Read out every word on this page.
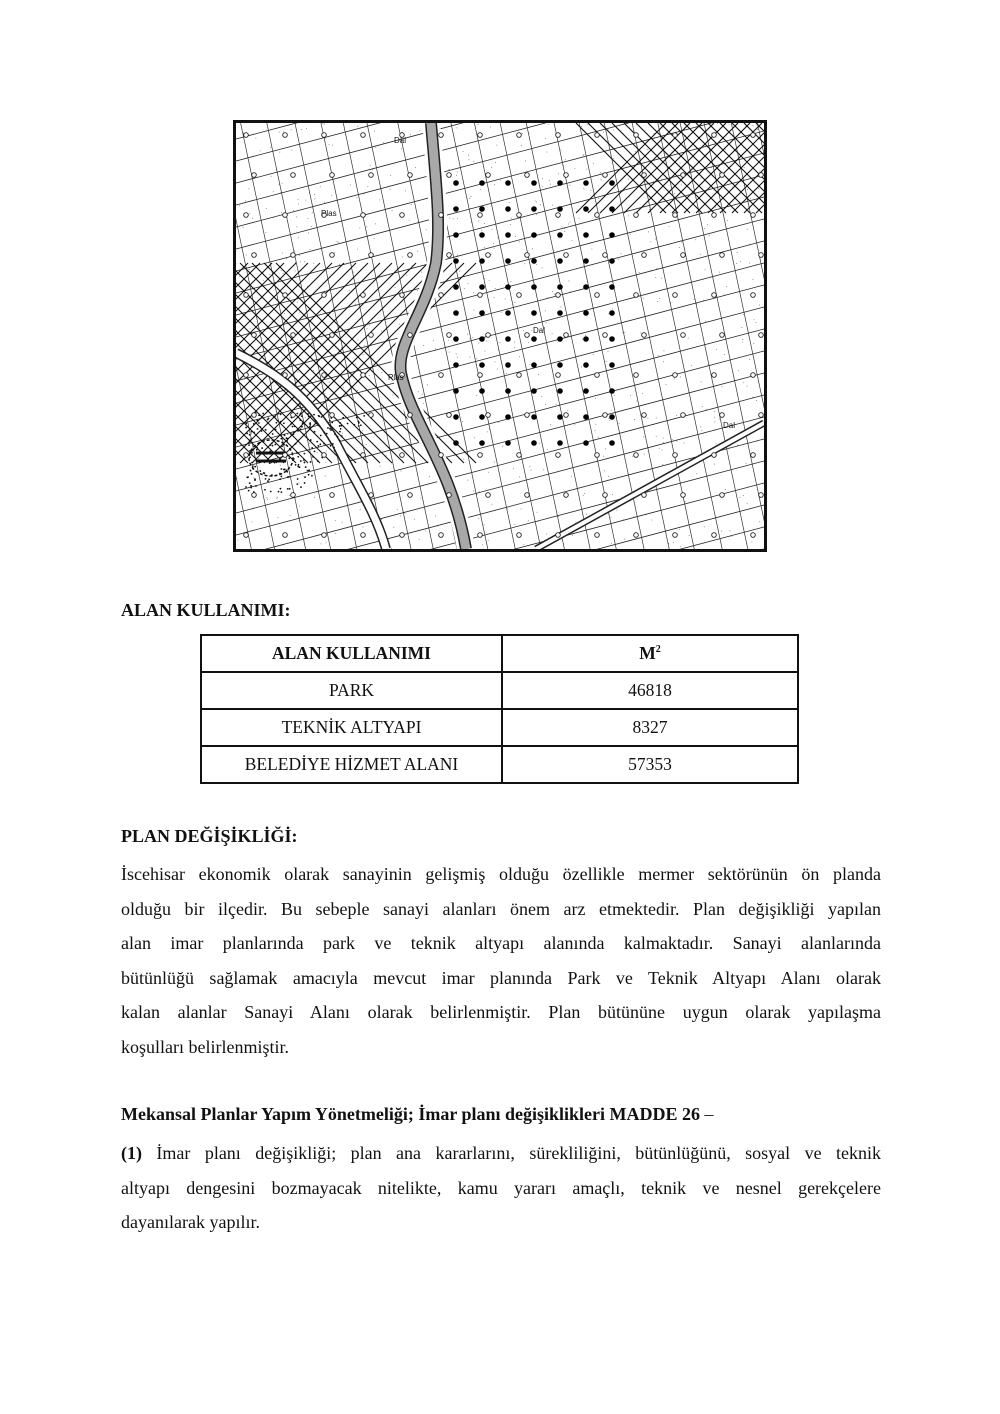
Plas
Dal
Plas
Dal
Dal
ALAN KULLANIMI:
ALAN KULLANIMI	$M^2$
PARK	46818
TEKNİK ALTYAPI	8327
BELEDİYE HİZMET ALANI	57353
PLAN DEĞİŞİKLİĞİ:

İscehisar ekonomik olarak sanayinin gelişmiş olduğu özellikle mermer sektörünün ön planda
olduğu bir ilçedir. Bu sebeple sanayi alanları önem arz etmektedir. Plan değişikliği yapılan
alan imar planlarında park ve teknik altyapı alanında kalmaktadır. Sanayi alanlarında
bütünlüğü sağlamak amacıyla mevcut imar planında Park ve Teknik Altyapı Alanı olarak
kalan alanlar Sanayi Alanı olarak belirlenmiştir. Plan bütününe uygun olarak yapılaşma
koşulları belirlenmiştir.

Mekansal Planlar Yapım Yönetmeliği; İmar planı değişiklikleri MADDE 26 –

(1) İmar planı değişikliği; plan ana kararlarını, sürekliliğini, bütünlüğünü, sosyal ve teknik
altyapı dengesini bozmayacak nitelikte, kamu yararı amaçlı, teknik ve nesnel gerekçelere
dayanılarak yapılır.
